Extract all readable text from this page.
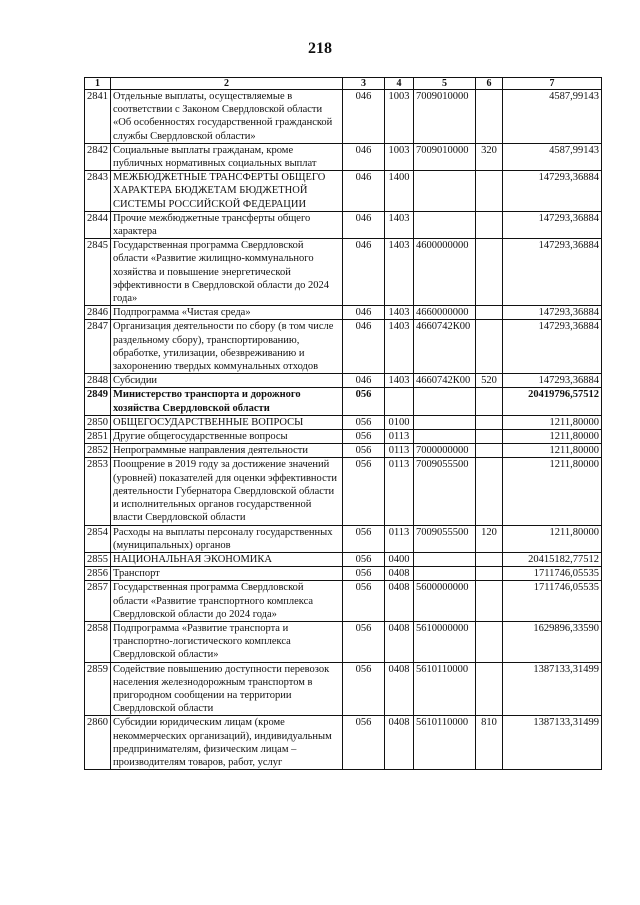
218
1	2	3	4	5	6	7
2841	Отдельные выплаты, осуществляемые в соответствии с Законом Свердловской области «Об особенностях государственной гражданской службы Свердловской области»	046	1003	7009010000		4587,99143
2842	Социальные выплаты гражданам, кроме публичных нормативных социальных выплат	046	1003	7009010000	320	4587,99143
2843	МЕЖБЮДЖЕТНЫЕ ТРАНСФЕРТЫ ОБЩЕГО ХАРАКТЕРА БЮДЖЕТАМ БЮДЖЕТНОЙ СИСТЕМЫ РОССИЙСКОЙ ФЕДЕРАЦИИ	046	1400			147293,36884
2844	Прочие межбюджетные трансферты общего характера	046	1403			147293,36884
2845	Государственная программа Свердловской области «Развитие жилищно-коммунального хозяйства и повышение энергетической эффективности в Свердловской области до 2024 года»	046	1403	4600000000		147293,36884
2846	Подпрограмма «Чистая среда»	046	1403	4660000000		147293,36884
2847	Организация деятельности по сбору (в том числе раздельному сбору), транспортированию, обработке, утилизации, обезвреживанию и захоронению твердых коммунальных отходов	046	1403	4660742К00		147293,36884
2848	Субсидии	046	1403	4660742К00	520	147293,36884
2849	Министерство транспорта и дорожного хозяйства Свердловской области	056				20419796,57512
2850	ОБЩЕГОСУДАРСТВЕННЫЕ ВОПРОСЫ	056	0100			1211,80000
2851	Другие общегосударственные вопросы	056	0113			1211,80000
2852	Непрограммные направления деятельности	056	0113	7000000000		1211,80000
2853	Поощрение в 2019 году за достижение значений (уровней) показателей для оценки эффективности деятельности Губернатора Свердловской области и исполнительных органов государственной власти Свердловской области	056	0113	7009055500		1211,80000
2854	Расходы на выплаты персоналу государственных (муниципальных) органов	056	0113	7009055500	120	1211,80000
2855	НАЦИОНАЛЬНАЯ ЭКОНОМИКА	056	0400			20415182,77512
2856	Транспорт	056	0408			1711746,05535
2857	Государственная программа Свердловской области «Развитие транспортного комплекса Свердловской области до 2024 года»	056	0408	5600000000		1711746,05535
2858	Подпрограмма «Развитие транспорта и транспортно-логистического комплекса Свердловской области»	056	0408	5610000000		1629896,33590
2859	Содействие повышению доступности перевозок населения железнодорожным транспортом в пригородном сообщении на территории Свердловской области	056	0408	5610110000		1387133,31499
2860	Субсидии юридическим лицам (кроме некоммерческих организаций), индивидуальным предпринимателям, физическим лицам – производителям товаров, работ, услуг	056	0408	5610110000	810	1387133,31499
